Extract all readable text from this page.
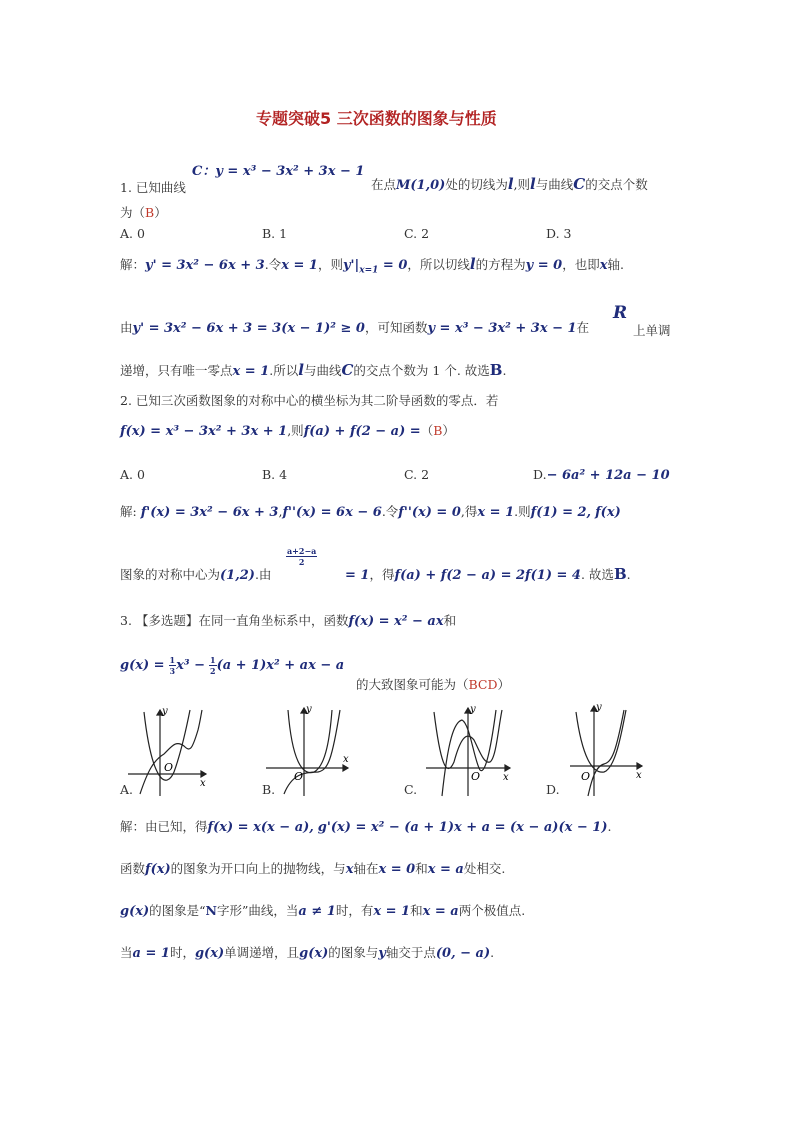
专题突破5 三次函数的图象与性质
C：y = x³ − 3x² + 3x − 1
1. 已知曲线	在点M(1,0)处的切线为l,则l与曲线C的交点个数
为（B）
A. 0	B. 1	C. 2	D. 3
解：y' = 3x² − 6x + 3.令x = 1，则$y'|_{x=1} = 0$，所以切线l的方程为y = 0，也即x轴.
由y' = 3x² − 6x + 3 = 3(x − 1)² ≥ 0，可知函数y = x³ − 3x² + 3x − 1在
R
上单调
递增，只有唯一零点x = 1.所以l与曲线C的交点个数为 1 个. 故选B.
2. 已知三次函数图象的对称中心的横坐标为其二阶导函数的零点．若
f(x) = x³ − 3x² + 3x + 1,则f(a) + f(2 − a) =（B）
A. 0	B. 4	C. 2	D.− 6a² + 12a − 10
解: f'(x) = 3x² − 6x + 3,f''(x) = 6x − 6.令f''(x) = 0,得x = 1.则f(1) = 2, f(x)
图象的对称中心为(1,2).由
$\frac{a+2-a}{2}$
= 1，得f(a) + f(2 − a) = 2f(1) = 4. 故选B.
3. 【多选题】在同一直角坐标系中，函数f(x) = x² − ax和
$g(x) = \frac{1}{3} x^3 - \frac{1}{2} (a + 1)x^2$ + ax − a
的大致图象可能为（BCD）
y
x
O
y
x
O
y
x
O
y
x
O
A.	B.	C.	D.
解：由已知，得f(x) = x(x − a), g'(x) = x² − (a + 1)x + a = (x − a)(x − 1).
函数f(x)的图象为开口向上的抛物线，与x轴在x = 0和x = a处相交.
g(x)的图象是“N字形”曲线，当a ≠ 1时，有x = 1和x = a两个极值点.
当a = 1时，g(x)单调递增，且g(x)的图象与y轴交于点(0, − a).
